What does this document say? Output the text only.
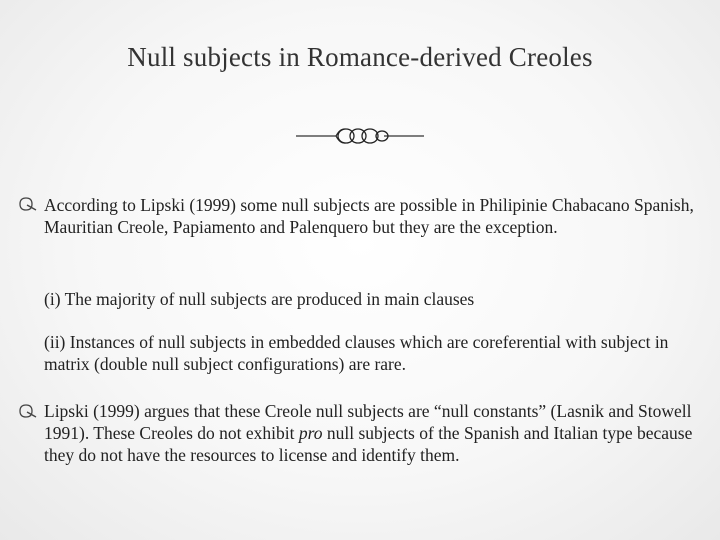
Null subjects in Romance-derived Creoles
According to Lipski (1999) some null subjects are possible in Philipinie Chabacano Spanish, Mauritian Creole, Papiamento and Palenquero but they are the exception.
(i) The majority of null subjects are produced in main clauses
(ii) Instances of null subjects in embedded clauses which are coreferential with subject in matrix (double null subject configurations) are rare.
Lipski (1999) argues that these Creole null subjects are “null constants” (Lasnik and Stowell 1991). These Creoles do not exhibit pro null subjects of the Spanish and Italian type because they do not have the resources to license and identify them.
